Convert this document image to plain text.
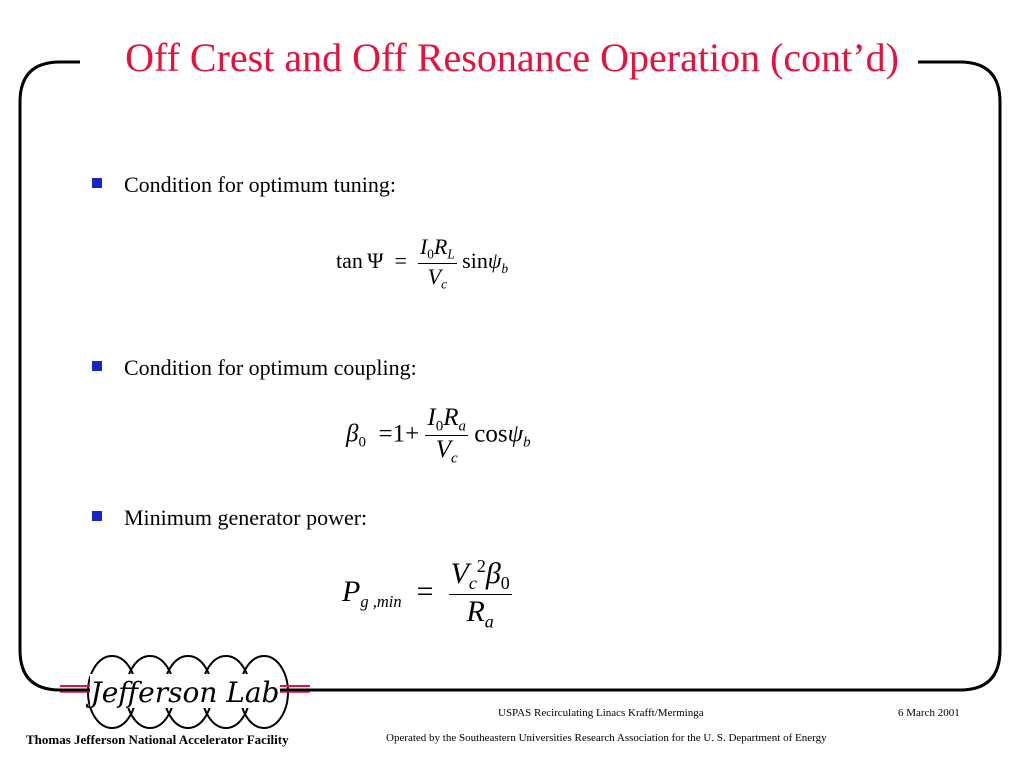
Off Crest and Off Resonance Operation (cont’d)
Condition for optimum tuning:
$\tan \Psi = \frac{I_0R_L}{V_c} \sin\psi_b$
Condition for optimum coupling:
$\beta_0 =1+ \frac{I_0R_a}{V_c} \cos\psi_b$
Minimum generator power:
$P_{g ,min} = \frac{V_c^2\beta_0}{R_a}$
Jefferson Lab
Thomas Jefferson National Accelerator Facility
USPAS Recirculating Linacs Krafft/Merminga	6 March 2001
Operated by the Southeastern Universities Research Association for the U. S. Department of Energy
